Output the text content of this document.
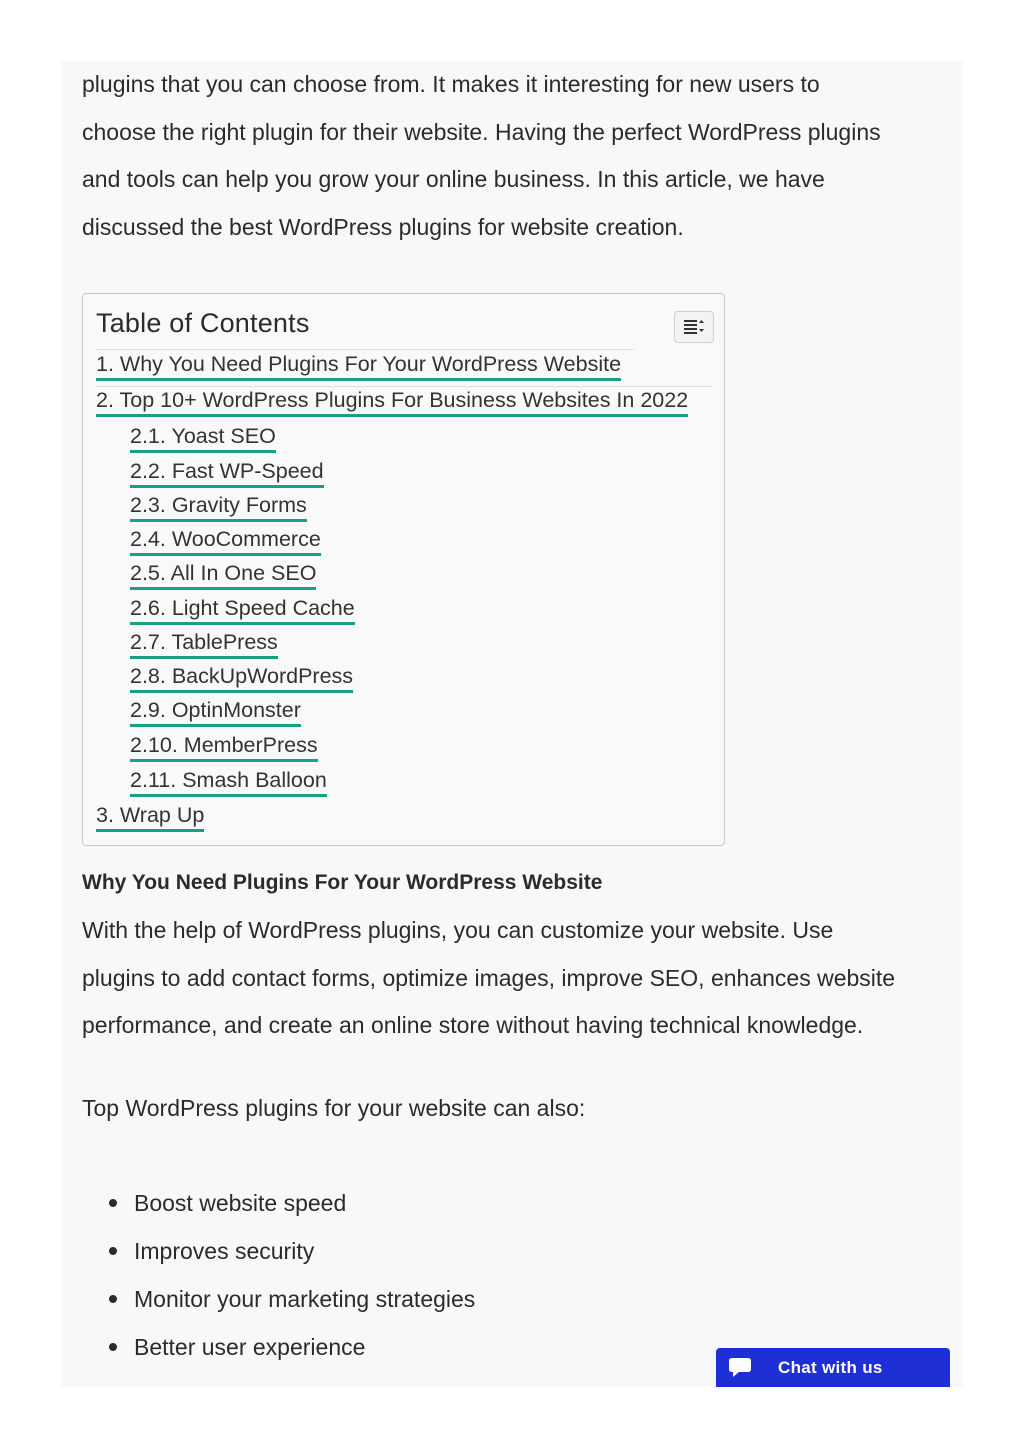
plugins that you can choose from. It makes it interesting for new users to
choose the right plugin for their website. Having the perfect WordPress plugins
and tools can help you grow your online business. In this article, we have
discussed the best WordPress plugins for website creation.

Table of Contents
1. Why You Need Plugins For Your WordPress Website
2. Top 10+ WordPress Plugins For Business Websites In 2022
2.1. Yoast SEO
2.2. Fast WP-Speed
2.3. Gravity Forms
2.4. WooCommerce
2.5. All In One SEO
2.6. Light Speed Cache
2.7. TablePress
2.8. BackUpWordPress
2.9. OptinMonster
2.10. MemberPress
2.11. Smash Balloon
3. Wrap Up
Why You Need Plugins For Your WordPress Website

With the help of WordPress plugins, you can customize your website. Use
plugins to add contact forms, optimize images, improve SEO, enhances website
performance, and create an online store without having technical knowledge.

Top WordPress plugins for your website can also:

Boost website speed
Improves security
Monitor your marketing strategies
Better user experience
Chat with us
